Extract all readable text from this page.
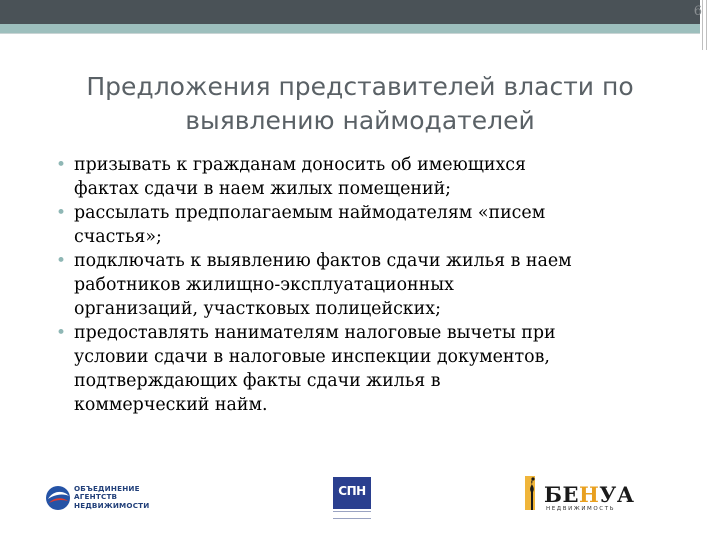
6
Предложения представителей власти по
выявлению наймодателей
• призывать к гражданам доносить об имеющихся
фактах сдачи в наем жилых помещений;
• рассылать предполагаемым наймодателям «писем
счастья»;
• подключать к выявлению фактов сдачи жилья в наем
работников жилищно-эксплуатационных
организаций, участковых полицейских;
• предоставлять нанимателям налоговые вычеты при
условии сдачи в налоговые инспекции документов,
подтверждающих факты сдачи жилья в
коммерческий найм.
ОБЪЕДИНЕНИЕ
АГЕНТСТВ
НЕДВИЖИМОСТИ
СПН	БЕНУА
НЕДВИЖИМОСТЬ
